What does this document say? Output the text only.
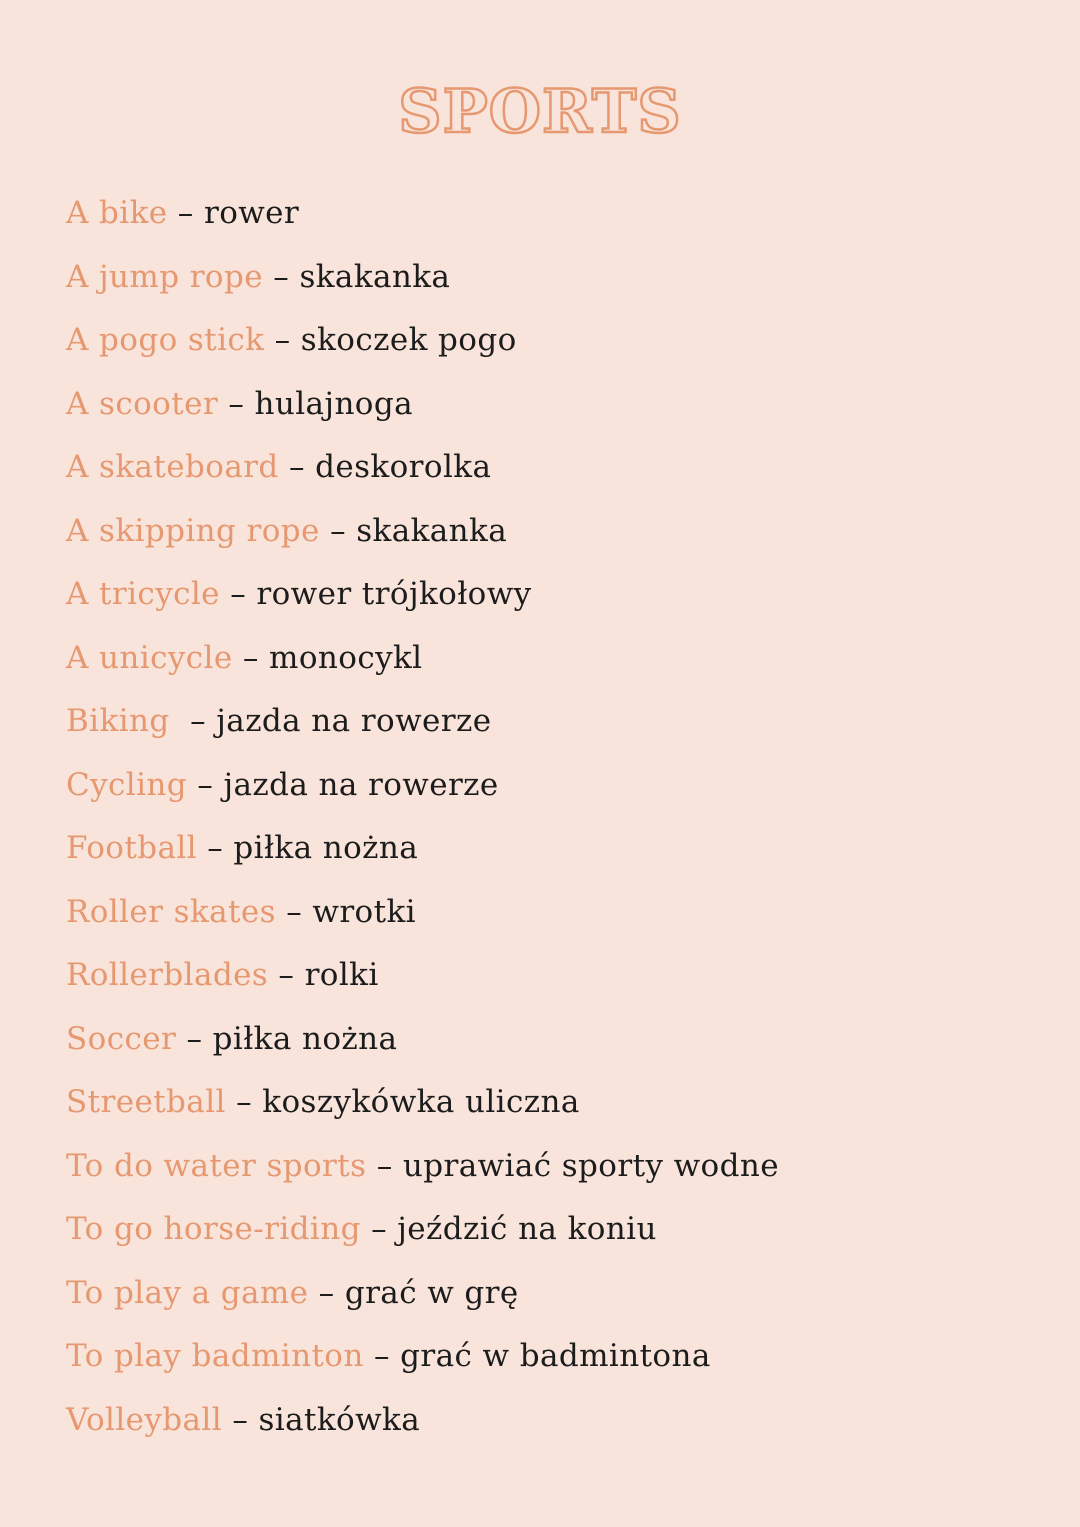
SPORTS
A bike – rower
A jump rope – skakanka
A pogo stick – skoczek pogo
A scooter – hulajnoga
A skateboard – deskorolka
A skipping rope – skakanka
A tricycle – rower trójkołowy
A unicycle – monocykl
Biking  – jazda na rowerze
Cycling – jazda na rowerze
Football – piłka nożna
Roller skates – wrotki
Rollerblades – rolki
Soccer – piłka nożna
Streetball – koszykówka uliczna
To do water sports – uprawiać sporty wodne
To go horse-riding – jeździć na koniu
To play a game – grać w grę
To play badminton – grać w badmintona
Volleyball – siatkówka
